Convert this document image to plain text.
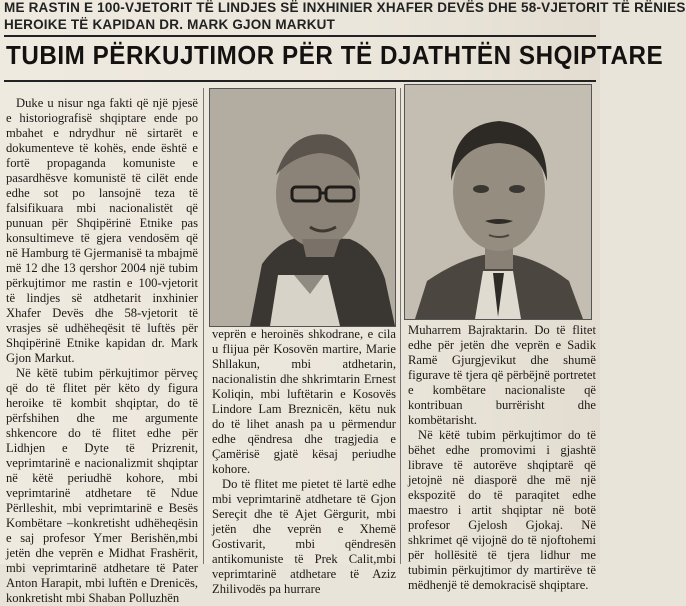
ME RASTIN E 100-VJETORIT TË LINDJES SË INXHINIER XHAFER DEVËS DHE 58-VJETORIT TË RËNIES
HEROIKE TË KAPIDAN DR. MARK GJON MARKUT
TUBIM PËRKUJTIMOR PËR TË DJATHTËN SHQIPTARE

Duke u nisur nga fakti që një pjesë e historiografisë shqiptare ende po mbahet e ndrydhur në sirtarët e dokumenteve të kohës, ende është e fortë propaganda komuniste e pasardhësve komunistë të cilët ende edhe sot po lansojnë teza të falsifikuara mbi nacionalistët që punuan për Shqipërinë Etnike pas konsultimeve të gjera vendosëm që në Hamburg të Gjermanisë ta mbajmë më 12 dhe 13 qershor 2004 një tubim përkujtimor me rastin e 100-vjetorit të lindjes së atdhetarit inxhinier Xhafer Devës dhe 58-vjetorit të vrasjes së udhëheqësit të luftës për Shqipërinë Etnike kapidan dr. Mark Gjon Markut.

Në këtë tubim përkujtimor përveç që do të flitet për këto dy figura heroike të kombit shqiptar, do të përfshihen dhe me argumente shkencore do të flitet edhe për Lidhjen e Dyte të Prizrenit, veprimtarinë e nacionalizmit shqiptar në këtë periudhë kohore, mbi veprimtarinë atdhetare të Ndue Përlleshit, mbi veprimtarinë e Besës Kombëtare –konkretisht udhëheqësin e saj profesor Ymer Berishën,mbi jetën dhe veprën e Midhat Frashërit, mbi veprimtarinë atdhetare të Pater Anton Harapit, mbi luftën e Drenicës, konkretisht mbi Shaban Polluzhën

veprën e heroinës shkodrane, e cila u flijua për Kosovën martire, Marie Shllakun, mbi atdhetarin, nacionalistin dhe shkrimtarin Ernest Koliqin, mbi luftëtarin e Kosovës Lindore Lam Breznicën, këtu nuk do të lihet anash pa u përmendur edhe qëndresa dhe tragjedia e Çamërisë gjatë kësaj periudhe kohore.

Do të flitet me pietet të lartë edhe mbi veprimtarinë atdhetare të Gjon Sereçit dhe të Ajet Gërgurit, mbi jetën dhe veprën e Xhemë Gostivarit, mbi qëndresën antikomuniste të Prek Calit,mbi veprimtarinë atdhetare të Aziz Zhilivodës pa hurrare

Muharrem Bajraktarin. Do të flitet edhe për jetën dhe veprën e Sadik Ramë Gjurgjevikut dhe shumë figurave të tjera që përbëjnë portretet e kombëtare nacionaliste që kontribuan burrërisht dhe kombëtarisht.

Në këtë tubim përkujtimor do të bëhet edhe promovimi i gjashtë librave të autorëve shqiptarë që jetojnë në diasporë dhe më një ekspozitë do të paraqitet edhe maestro i artit shqiptar në botë profesor Gjelosh Gjokaj. Në shkrimet që vijojnë do të njoftohemi për hollësitë të tjera lidhur me tubimin përkujtimor dy martirëve të mëdhenjë të demokracisë shqiptare.
